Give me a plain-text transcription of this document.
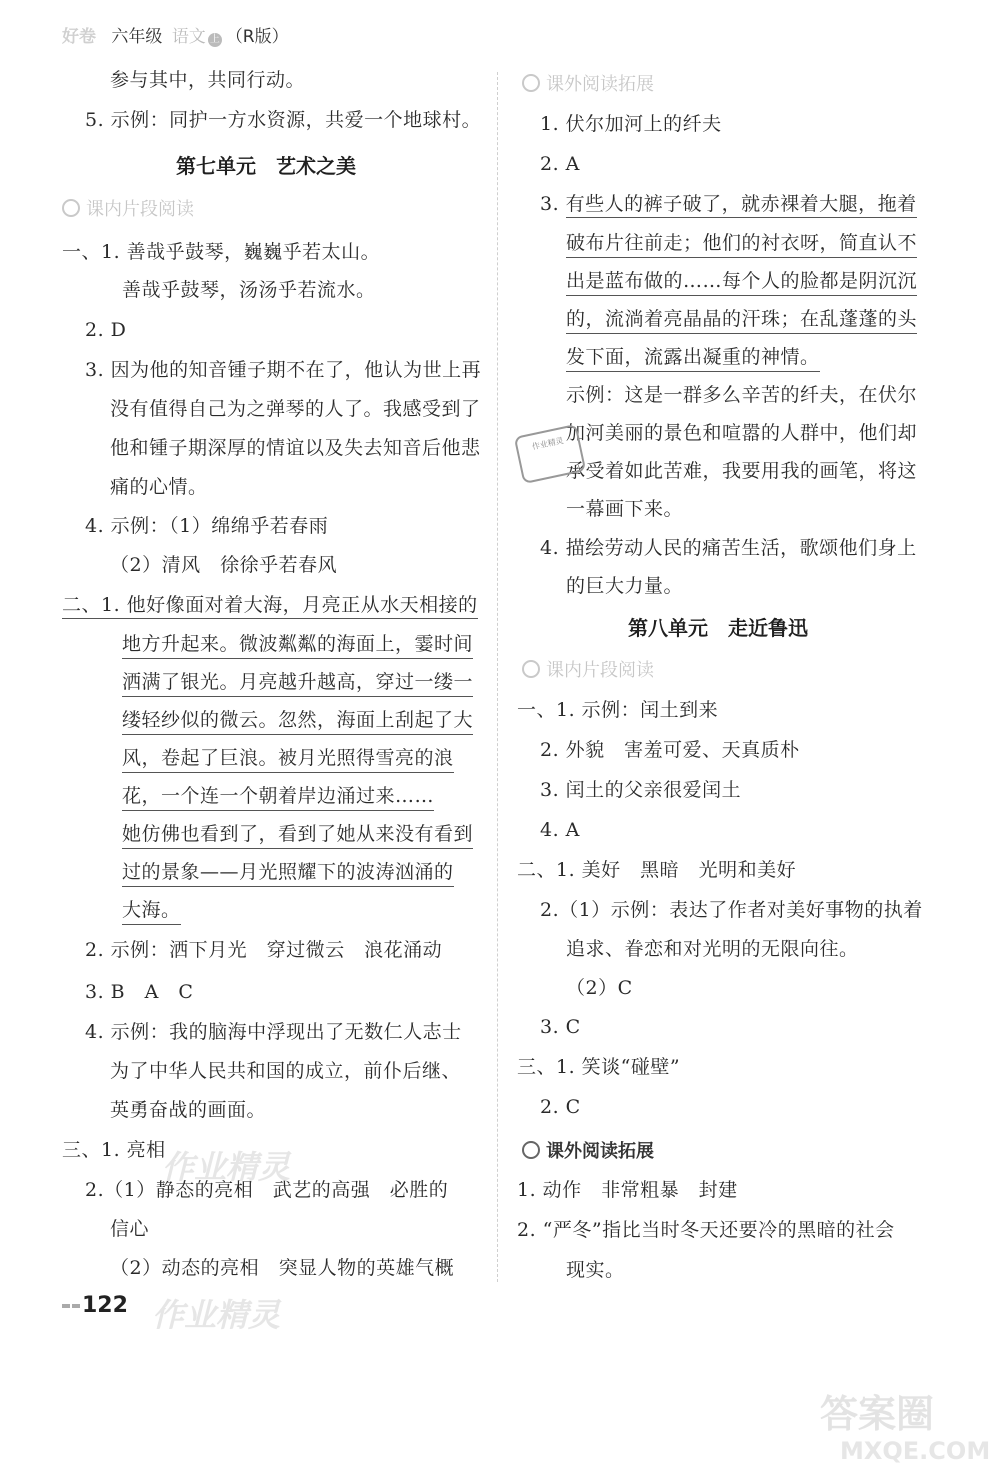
好卷 六年级 语文 上 （R版）
参与其中，共同行动。
5. 示例：同护一方水资源，共爱一个地球村。
第七单元　艺术之美
课内片段阅读
一、1. 善哉乎鼓琴，巍巍乎若太山。
善哉乎鼓琴，汤汤乎若流水。
2. D
3. 因为他的知音锺子期不在了，他认为世上再
没有值得自己为之弹琴的人了。我感受到了
他和锺子期深厚的情谊以及失去知音后他悲
痛的心情。
4. 示例：（1）绵绵乎若春雨
（2）清风　徐徐乎若春风
二、1. 他好像面对着大海，月亮正从水天相接的
地方升起来。微波粼粼的海面上，霎时间
洒满了银光。月亮越升越高，穿过一缕一
缕轻纱似的微云。忽然，海面上刮起了大
风，卷起了巨浪。被月光照得雪亮的浪
花，一个连一个朝着岸边涌过来……
她仿佛也看到了，看到了她从来没有看到
过的景象——月光照耀下的波涛汹涌的
大海。
2. 示例：洒下月光　穿过微云　浪花涌动
3. B　A　C
4. 示例：我的脑海中浮现出了无数仁人志士
为了中华人民共和国的成立，前仆后继、
英勇奋战的画面。
三、1. 亮相
2.（1）静态的亮相　武艺的高强　必胜的
信心
（2）动态的亮相　突显人物的英雄气概
作业精灵
作业精灵
课外阅读拓展
1. 伏尔加河上的纤夫
2. A
3. 有些人的裤子破了，就赤裸着大腿，拖着
破布片往前走；他们的衬衣呀，简直认不
出是蓝布做的……每个人的脸都是阴沉沉
的，流淌着亮晶晶的汗珠；在乱蓬蓬的头
发下面，流露出凝重的神情。
示例：这是一群多么辛苦的纤夫，在伏尔
加河美丽的景色和喧嚣的人群中，他们却
承受着如此苦难，我要用我的画笔，将这
一幕画下来。
4. 描绘劳动人民的痛苦生活，歌颂他们身上
的巨大力量。
第八单元　走近鲁迅
课内片段阅读
一、1. 示例：闰土到来
2. 外貌　害羞可爱、天真质朴
3. 闰土的父亲很爱闰土
4. A
二、1. 美好　黑暗　光明和美好
2.（1）示例：表达了作者对美好事物的执着
追求、眷恋和对光明的无限向往。
（2）C
3. C
三、1. 笑谈“碰壁”
2. C
课外阅读拓展
1. 动作　非常粗暴　封建
2. “严冬”指比当时冬天还要冷的黑暗的社会
现实。
作业精灵
122
答案圈
MXQE.COM
